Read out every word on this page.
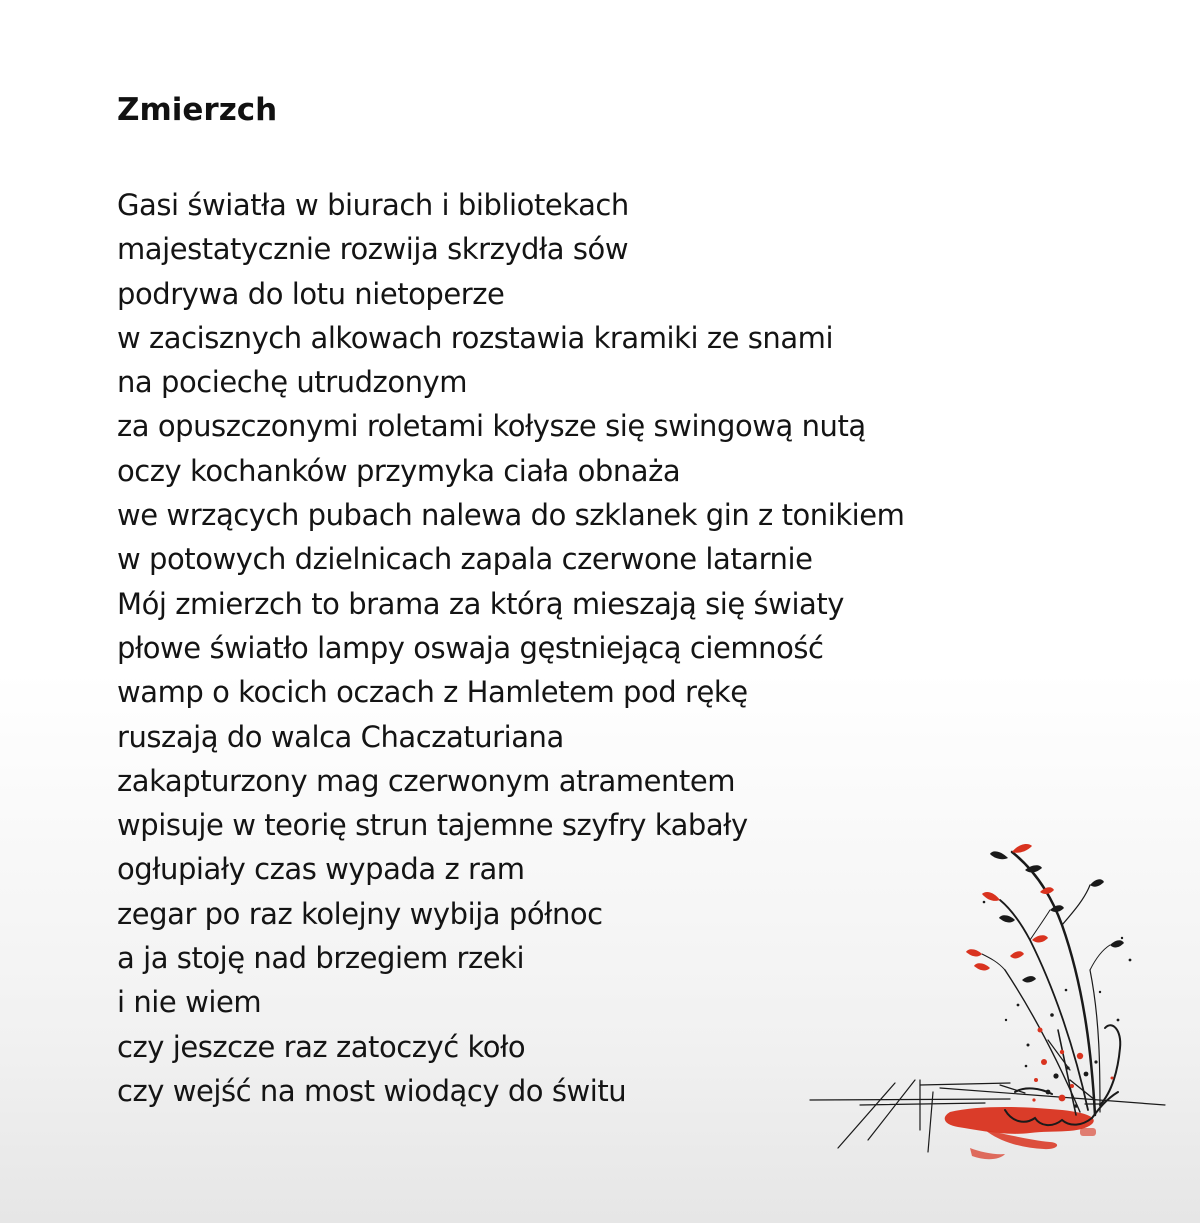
Zmierzch
Gasi światła w biurach i bibliotekach
majestatycznie rozwija skrzydła sów
podrywa do lotu nietoperze
w zacisznych alkowach rozstawia kramiki ze snami
na pociechę utrudzonym
za opuszczonymi roletami kołysze się swingową nutą
oczy kochanków przymyka ciała obnaża
we wrzących pubach nalewa do szklanek gin z tonikiem
w potowych dzielnicach zapala czerwone latarnie
Mój zmierzch to brama za którą mieszają się światy
płowe światło lampy oswaja gęstniejącą ciemność
wamp o kocich oczach z Hamletem pod rękę
ruszają do walca Chaczaturiana
zakapturzony mag czerwonym atramentem
wpisuje w teorię strun tajemne szyfry kabały
ogłupiały czas wypada z ram
zegar po raz kolejny wybija północ
a ja stoję nad brzegiem rzeki
i nie wiem
czy jeszcze raz zatoczyć koło
czy wejść na most wiodący do świtu
